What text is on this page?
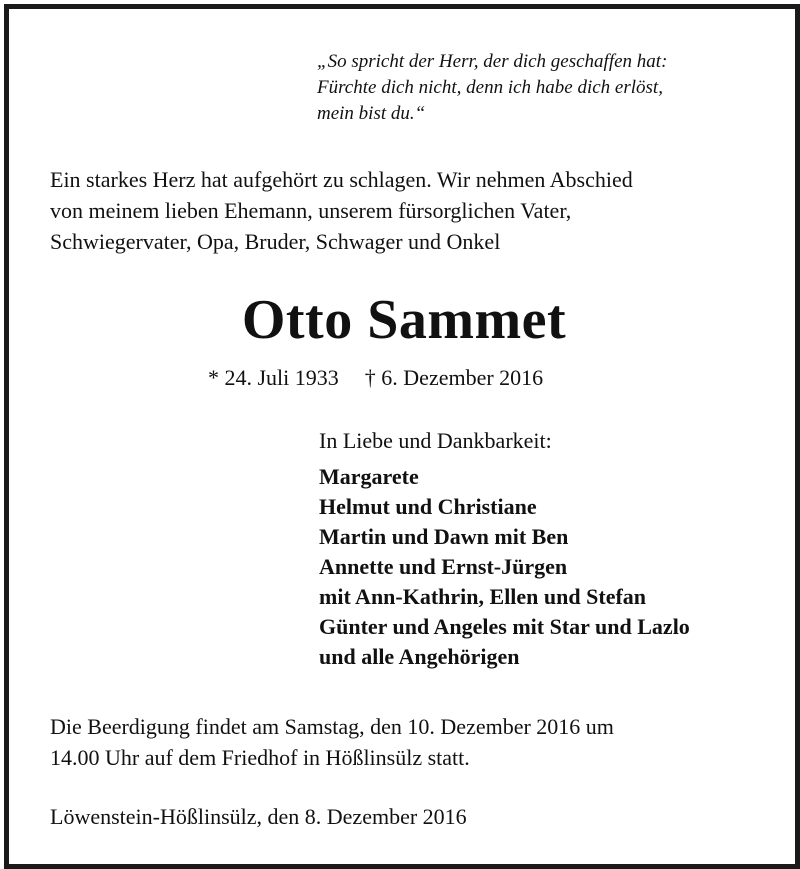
„So spricht der Herr, der dich geschaffen hat:
Fürchte dich nicht, denn ich habe dich erlöst,
mein bist du.“
Ein starkes Herz hat aufgehört zu schlagen. Wir nehmen Abschied
von meinem lieben Ehemann, unserem fürsorglichen Vater,
Schwiegervater, Opa, Bruder, Schwager und Onkel
Otto Sammet
* 24. Juli 1933 † 6. Dezember 2016
In Liebe und Dankbarkeit:
Margarete
Helmut und Christiane
Martin und Dawn mit Ben
Annette und Ernst-Jürgen
mit Ann-Kathrin, Ellen und Stefan
Günter und Angeles mit Star und Lazlo
und alle Angehörigen
Die Beerdigung findet am Samstag, den 10. Dezember 2016 um
14.00 Uhr auf dem Friedhof in Hößlinsülz statt.
Löwenstein-Hößlinsülz, den 8. Dezember 2016
